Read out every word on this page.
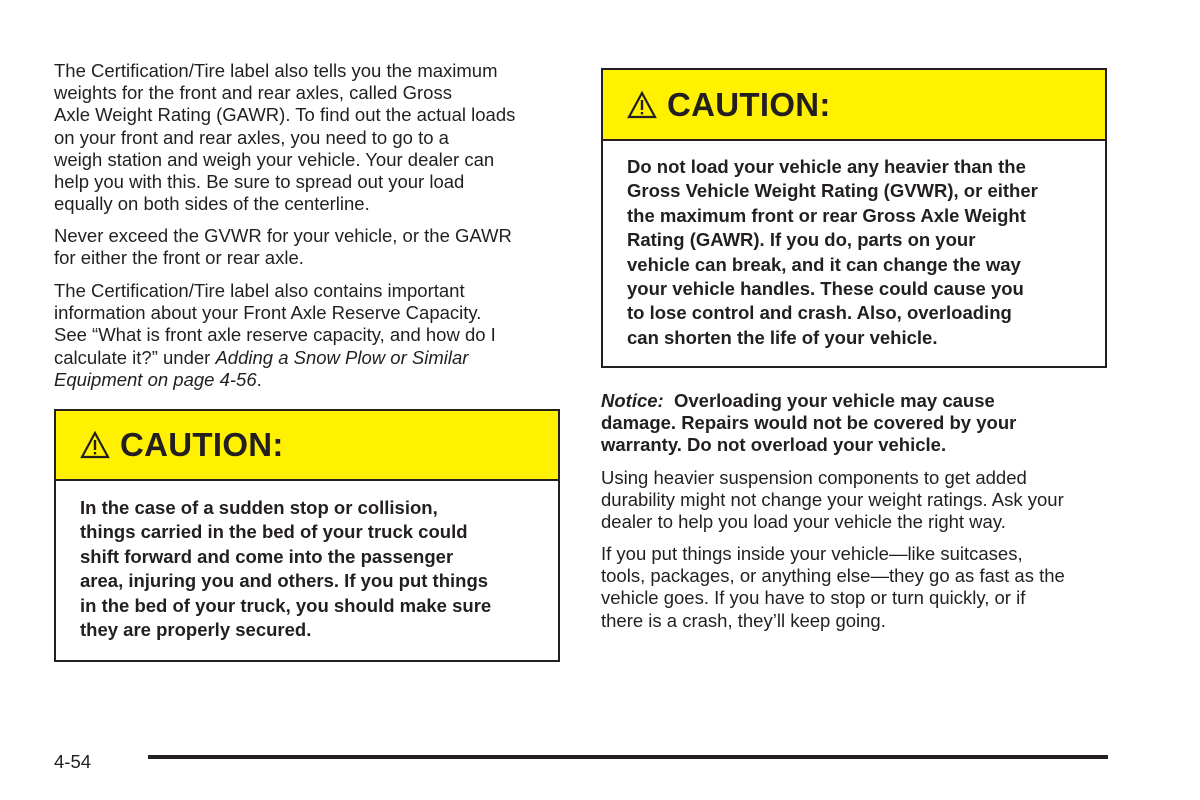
The Certification/Tire label also tells you the maximum
weights for the front and rear axles, called Gross
Axle Weight Rating (GAWR). To find out the actual loads
on your front and rear axles, you need to go to a
weigh station and weigh your vehicle. Your dealer can
help you with this. Be sure to spread out your load
equally on both sides of the centerline.

Never exceed the GVWR for your vehicle, or the GAWR
for either the front or rear axle.

The Certification/Tire label also contains important
information about your Front Axle Reserve Capacity.
See “What is front axle reserve capacity, and how do I
calculate it?” under Adding a Snow Plow or Similar
Equipment on page 4-56.

CAUTION:
In the case of a sudden stop or collision,
things carried in the bed of your truck could
shift forward and come into the passenger
area, injuring you and others. If you put things
in the bed of your truck, you should make sure
they are properly secured.
CAUTION:
Do not load your vehicle any heavier than the
Gross Vehicle Weight Rating (GVWR), or either
the maximum front or rear Gross Axle Weight
Rating (GAWR). If you do, parts on your
vehicle can break, and it can change the way
your vehicle handles. These could cause you
to lose control and crash. Also, overloading
can shorten the life of your vehicle.

Notice: Overloading your vehicle may cause
damage. Repairs would not be covered by your
warranty. Do not overload your vehicle.

Using heavier suspension components to get added
durability might not change your weight ratings. Ask your
dealer to help you load your vehicle the right way.

If you put things inside your vehicle—like suitcases,
tools, packages, or anything else—they go as fast as the
vehicle goes. If you have to stop or turn quickly, or if
there is a crash, they’ll keep going.

4-54
